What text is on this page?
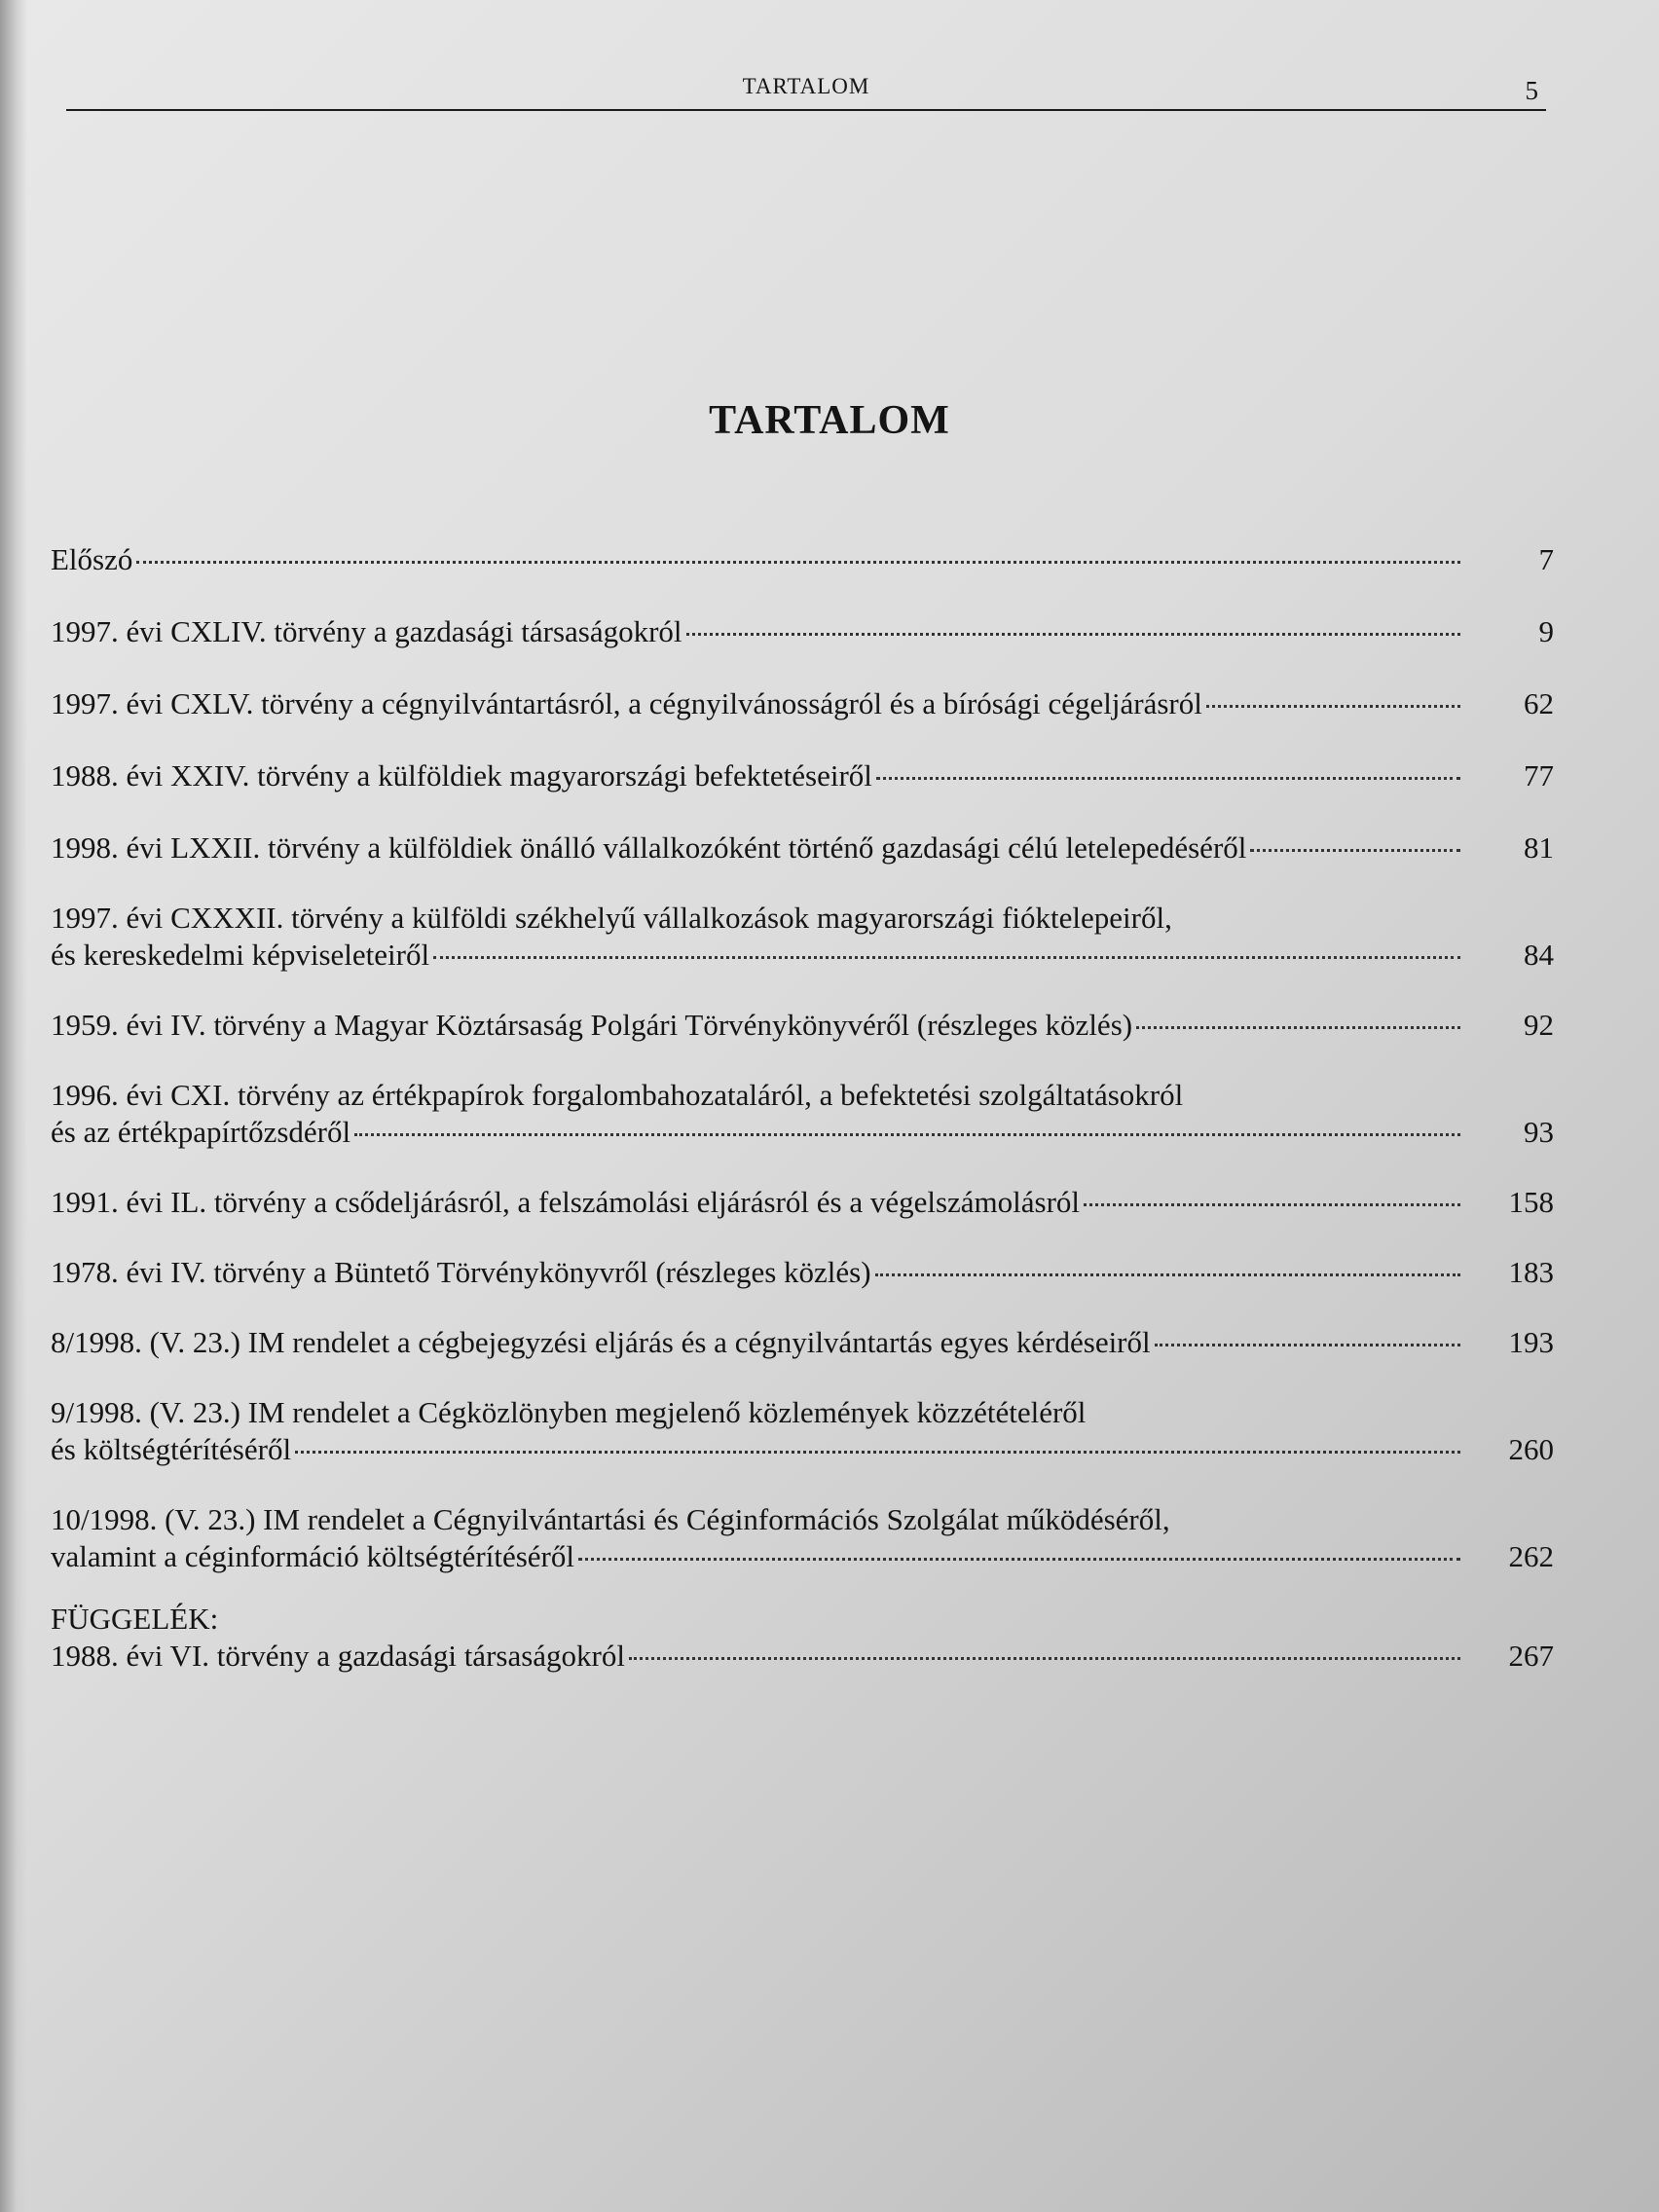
TARTALOM	5
TARTALOM
Előszó	7
1997. évi CXLIV. törvény a gazdasági társaságokról	9
1997. évi CXLV. törvény a cégnyilvántartásról, a cégnyilvánosságról és a bírósági cégeljárásról	62
1988. évi XXIV. törvény a külföldiek magyarországi befektetéseiről	77
1998. évi LXXII. törvény a külföldiek önálló vállalkozóként történő gazdasági célú letelepedéséről	81
1997. évi CXXXII. törvény a külföldi székhelyű vállalkozások magyarországi fióktelepeiről,
és kereskedelmi képviseleteiről	84
1959. évi IV. törvény a Magyar Köztársaság Polgári Törvénykönyvéről (részleges közlés)	92
1996. évi CXI. törvény az értékpapírok forgalombahozataláról, a befektetési szolgáltatásokról
és az értékpapírtőzsdéről	93
1991. évi IL. törvény a csődeljárásról, a felszámolási eljárásról és a végelszámolásról	158
1978. évi IV. törvény a Büntető Törvénykönyvről (részleges közlés)	183
8/1998. (V. 23.) IM rendelet a cégbejegyzési eljárás és a cégnyilvántartás egyes kérdéseiről	193
9/1998. (V. 23.) IM rendelet a Cégközlönyben megjelenő közlemények közzétételéről
és költségtérítéséről	260
10/1998. (V. 23.) IM rendelet a Cégnyilvántartási és Céginformációs Szolgálat működéséről,
valamint a céginformáció költségtérítéséről	262
FÜGGELÉK:
1988. évi VI. törvény a gazdasági társaságokról	267
